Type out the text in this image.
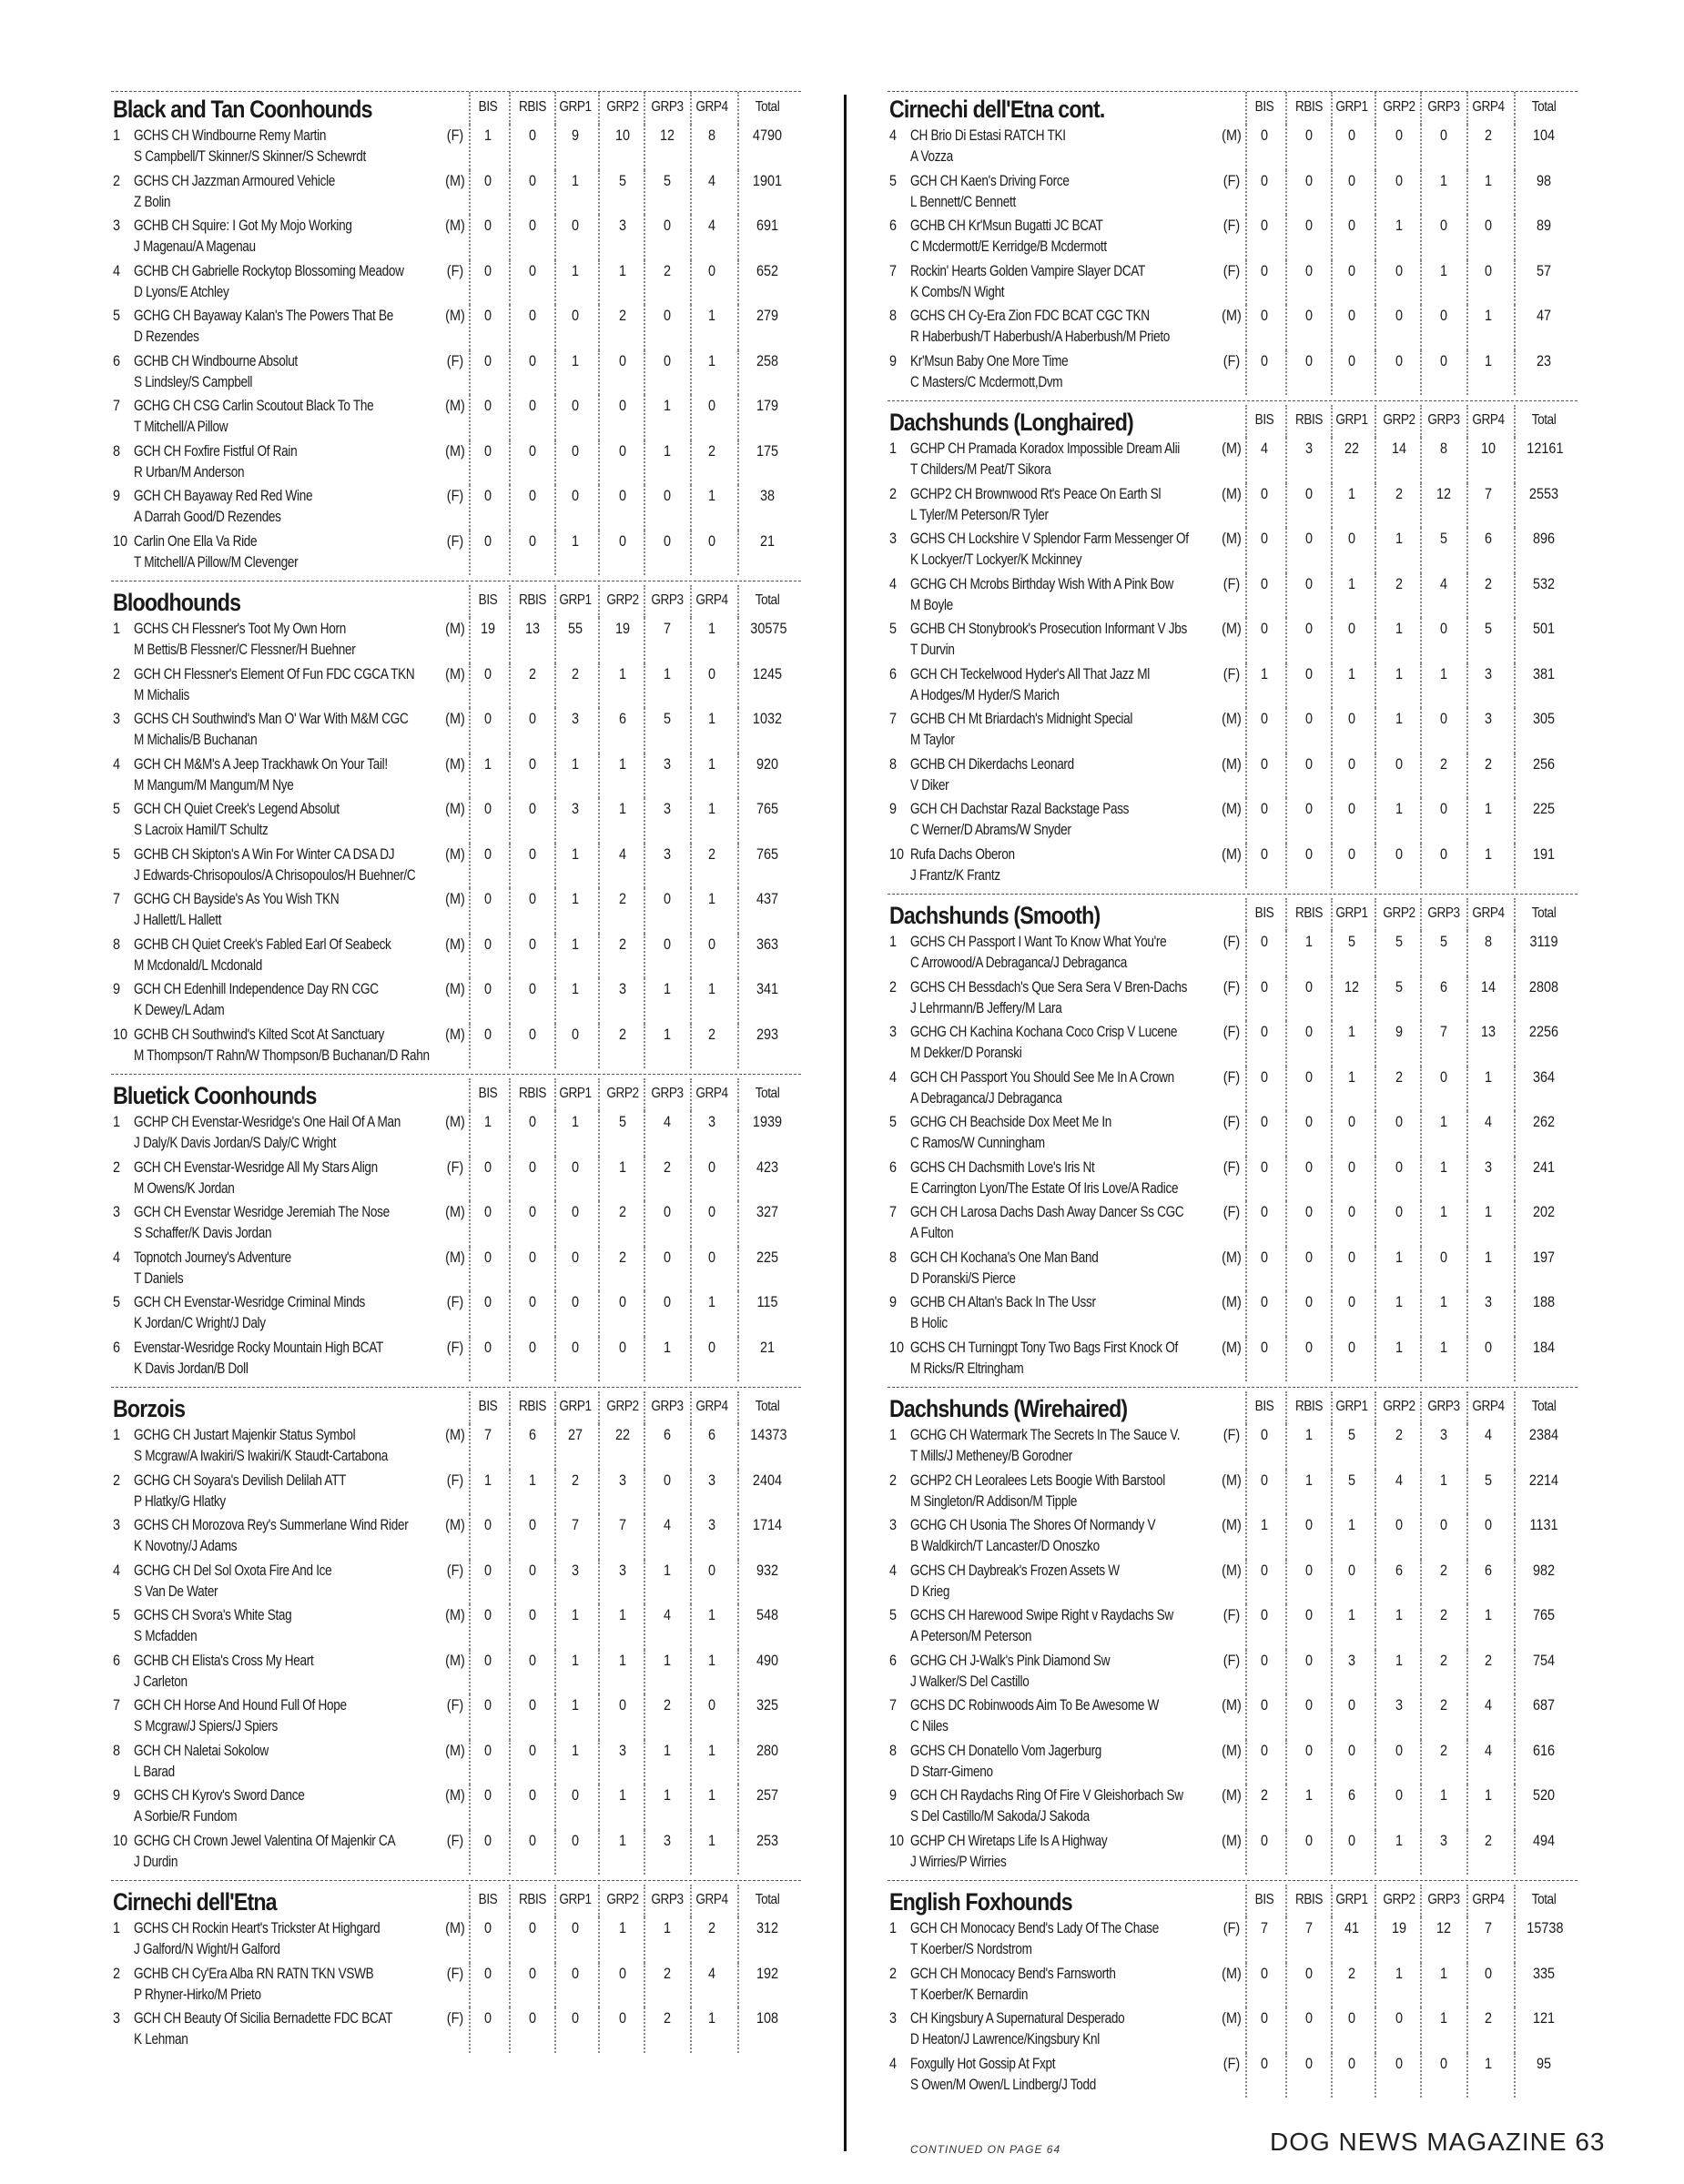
Black and Tan Coonhounds	BIS	RBIS GRP1 GRP2 GRP3 GRP4	Total
1 GCHS CH Windbourne Remy Martin
S Campbell/T Skinner/S Skinner/S Schewrdt
(F)	1	0	9	10	12	8	4790
2 GCHS CH Jazzman Armoured Vehicle
Z Bolin
(M)	0	0	1	5	5	4	1901
3 GCHB CH Squire: I Got My Mojo Working
J Magenau/A Magenau
(M)	0	0	0	3	0	4	691
4 GCHB CH Gabrielle Rockytop Blossoming Meadow
D Lyons/E Atchley
(F)	0	0	1	1	2	0	652
5 GCHG CH Bayaway Kalan's The Powers That Be
D Rezendes
(M)	0	0	0	2	0	1	279
6 GCHB CH Windbourne Absolut
S Lindsley/S Campbell
(F)	0	0	1	0	0	1	258
7 GCHG CH CSG Carlin Scoutout Black To The
T Mitchell/A Pillow
(M)	0	0	0	0	1	0	179
8 GCH CH Foxfire Fistful Of Rain
R Urban/M Anderson
(M)	0	0	0	0	1	2	175
9 GCH CH Bayaway Red Red Wine
A Darrah Good/D Rezendes
(F)	0	0	0	0	0	1	38
10 Carlin One Ella Va Ride
T Mitchell/A Pillow/M Clevenger
(F)	0	0	1	0	0	0	21
Bloodhounds	BIS	RBIS GRP1 GRP2 GRP3 GRP4	Total
1 GCHS CH Flessner's Toot My Own Horn
M Bettis/B Flessner/C Flessner/H Buehner
(M)	19	13	55	19	7	1	30575
2 GCH CH Flessner's Element Of Fun FDC CGCA TKN
M Michalis
(M)	0	2	2	1	1	0	1245
3 GCHS CH Southwind's Man O' War With M&M CGC
M Michalis/B Buchanan
(M)	0	0	3	6	5	1	1032
4 GCH CH M&M's A Jeep Trackhawk On Your Tail!
M Mangum/M Mangum/M Nye
(M)	1	0	1	1	3	1	920
5 GCH CH Quiet Creek's Legend Absolut
S Lacroix Hamil/T Schultz
(M)	0	0	3	1	3	1	765
5 GCHB CH Skipton's A Win For Winter CA DSA DJ
J Edwards-Chrisopoulos/A Chrisopoulos/H Buehner/C
(M)	0	0	1	4	3	2	765
7 GCHG CH Bayside's As You Wish TKN
J Hallett/L Hallett
(M)	0	0	1	2	0	1	437
8 GCHB CH Quiet Creek's Fabled Earl Of Seabeck
M Mcdonald/L Mcdonald
(M)	0	0	1	2	0	0	363
9 GCH CH Edenhill Independence Day RN CGC
K Dewey/L Adam
(M)	0	0	1	3	1	1	341
10 GCHB CH Southwind's Kilted Scot At Sanctuary
M Thompson/T Rahn/W Thompson/B Buchanan/D Rahn
(M)	0	0	0	2	1	2	293
Bluetick Coonhounds	BIS	RBIS GRP1 GRP2 GRP3 GRP4	Total
1 GCHP CH Evenstar-Wesridge's One Hail Of A Man
J Daly/K Davis Jordan/S Daly/C Wright
(M)	1	0	1	5	4	3	1939
2 GCH CH Evenstar-Wesridge All My Stars Align
M Owens/K Jordan
(F)	0	0	0	1	2	0	423
3 GCH CH Evenstar Wesridge Jeremiah The Nose
S Schaffer/K Davis Jordan
(M)	0	0	0	2	0	0	327
4 Topnotch Journey's Adventure
T Daniels
(M)	0	0	0	2	0	0	225
5 GCH CH Evenstar-Wesridge Criminal Minds
K Jordan/C Wright/J Daly
(F)	0	0	0	0	0	1	115
6 Evenstar-Wesridge Rocky Mountain High BCAT
K Davis Jordan/B Doll
(F)	0	0	0	0	1	0	21
Borzois	BIS	RBIS GRP1 GRP2 GRP3 GRP4	Total
1 GCHG CH Justart Majenkir Status Symbol
S Mcgraw/A Iwakiri/S Iwakiri/K Staudt-Cartabona
(M)	7	6	27	22	6	6	14373
2 GCHG CH Soyara's Devilish Delilah ATT
P Hlatky/G Hlatky
(F)	1	1	2	3	0	3	2404
3 GCHS CH Morozova Rey's Summerlane Wind Rider
K Novotny/J Adams
(M)	0	0	7	7	4	3	1714
4 GCHG CH Del Sol Oxota Fire And Ice
S Van De Water
(F)	0	0	3	3	1	0	932
5 GCHS CH Svora's White Stag
S Mcfadden
(M)	0	0	1	1	4	1	548
6 GCHB CH Elista's Cross My Heart
J Carleton
(M)	0	0	1	1	1	1	490
7 GCH CH Horse And Hound Full Of Hope
S Mcgraw/J Spiers/J Spiers
(F)	0	0	1	0	2	0	325
8 GCH CH Naletai Sokolow
L Barad
(M)	0	0	1	3	1	1	280
9 GCHS CH Kyrov's Sword Dance
A Sorbie/R Fundom
(M)	0	0	0	1	1	1	257
10 GCHG CH Crown Jewel Valentina Of Majenkir CA
J Durdin
(F)	0	0	0	1	3	1	253
Cirnechi dell'Etna	BIS	RBIS GRP1 GRP2 GRP3 GRP4	Total
1 GCHS CH Rockin Heart's Trickster At Highgard
J Galford/N Wight/H Galford
(M)	0	0	0	1	1	2	312
2 GCHB CH Cy'Era Alba RN RATN TKN VSWB
P Rhyner-Hirko/M Prieto
(F)	0	0	0	0	2	4	192
3 GCH CH Beauty Of Sicilia Bernadette FDC BCAT
K Lehman
(F)	0	0	0	0	2	1	108
Cirnechi dell'Etna cont.	BIS	RBIS GRP1 GRP2 GRP3 GRP4	Total
4 CH Brio Di Estasi RATCH TKI
A Vozza
(M)	0	0	0	0	0	2	104
5 GCH CH Kaen's Driving Force
L Bennett/C Bennett
(F)	0	0	0	0	1	1	98
6 GCHB CH Kr'Msun Bugatti JC BCAT
C Mcdermott/E Kerridge/B Mcdermott
(F)	0	0	0	1	0	0	89
7 Rockin' Hearts Golden Vampire Slayer DCAT
K Combs/N Wight
(F)	0	0	0	0	1	0	57
8 GCHS CH Cy-Era Zion FDC BCAT CGC TKN
R Haberbush/T Haberbush/A Haberbush/M Prieto
(M)	0	0	0	0	0	1	47
9 Kr'Msun Baby One More Time
C Masters/C Mcdermott,Dvm
(F)	0	0	0	0	0	1	23
Dachshunds (Longhaired)	BIS	RBIS GRP1 GRP2 GRP3 GRP4	Total
1 GCHP CH Pramada Koradox Impossible Dream Alii
T Childers/M Peat/T Sikora
(M)	4	3	22	14	8	10	12161
2 GCHP2 CH Brownwood Rt's Peace On Earth Sl
L Tyler/M Peterson/R Tyler
(M)	0	0	1	2	12	7	2553
3 GCHS CH Lockshire V Splendor Farm Messenger Of
K Lockyer/T Lockyer/K Mckinney
(M)	0	0	0	1	5	6	896
4 GCHG CH Mcrobs Birthday Wish With A Pink Bow
M Boyle
(F)	0	0	1	2	4	2	532
5 GCHB CH Stonybrook's Prosecution Informant V Jbs
T Durvin
(M)	0	0	0	1	0	5	501
6 GCH CH Teckelwood Hyder's All That Jazz Ml
A Hodges/M Hyder/S Marich
(F)	1	0	1	1	1	3	381
7 GCHB CH Mt Briardach's Midnight Special
M Taylor
(M)	0	0	0	1	0	3	305
8 GCHB CH Dikerdachs Leonard
V Diker
(M)	0	0	0	0	2	2	256
9 GCH CH Dachstar Razal Backstage Pass
C Werner/D Abrams/W Snyder
(M)	0	0	0	1	0	1	225
10 Rufa Dachs Oberon
J Frantz/K Frantz
(M)	0	0	0	0	0	1	191
Dachshunds (Smooth)	BIS	RBIS GRP1 GRP2 GRP3 GRP4	Total
1 GCHS CH Passport I Want To Know What You're
C Arrowood/A Debraganca/J Debraganca
(F)	0	1	5	5	5	8	3119
2 GCHS CH Bessdach's Que Sera Sera V Bren-Dachs
J Lehrmann/B Jeffery/M Lara
(F)	0	0	12	5	6	14	2808
3 GCHG CH Kachina Kochana Coco Crisp V Lucene
M Dekker/D Poranski
(F)	0	0	1	9	7	13	2256
4 GCH CH Passport You Should See Me In A Crown
A Debraganca/J Debraganca
(F)	0	0	1	2	0	1	364
5 GCHG CH Beachside Dox Meet Me In
C Ramos/W Cunningham
(F)	0	0	0	0	1	4	262
6 GCHS CH Dachsmith Love's Iris Nt
E Carrington Lyon/The Estate Of Iris Love/A Radice
(F)	0	0	0	0	1	3	241
7 GCH CH Larosa Dachs Dash Away Dancer Ss CGC
A Fulton
(F)	0	0	0	0	1	1	202
8 GCH CH Kochana's One Man Band
D Poranski/S Pierce
(M)	0	0	0	1	0	1	197
9 GCHB CH Altan's Back In The Ussr
B Holic
(M)	0	0	0	1	1	3	188
10 GCHS CH Turningpt Tony Two Bags First Knock Of
M Ricks/R Eltringham
(M)	0	0	0	1	1	0	184
Dachshunds (Wirehaired)	BIS	RBIS GRP1 GRP2 GRP3 GRP4	Total
1 GCHG CH Watermark The Secrets In The Sauce V.
T Mills/J Metheney/B Gorodner
(F)	0	1	5	2	3	4	2384
2 GCHP2 CH Leoralees Lets Boogie With Barstool
M Singleton/R Addison/M Tipple
(M)	0	1	5	4	1	5	2214
3 GCHG CH Usonia The Shores Of Normandy V
B Waldkirch/T Lancaster/D Onoszko
(M)	1	0	1	0	0	0	1131
4 GCHS CH Daybreak's Frozen Assets W
D Krieg
(M)	0	0	0	6	2	6	982
5 GCHS CH Harewood Swipe Right v Raydachs Sw
A Peterson/M Peterson
(F)	0	0	1	1	2	1	765
6 GCHG CH J-Walk's Pink Diamond Sw
J Walker/S Del Castillo
(F)	0	0	3	1	2	2	754
7 GCHS DC Robinwoods Aim To Be Awesome W
C Niles
(M)	0	0	0	3	2	4	687
8 GCHS CH Donatello Vom Jagerburg
D Starr-Gimeno
(M)	0	0	0	0	2	4	616
9 GCH CH Raydachs Ring Of Fire V Gleishorbach Sw
S Del Castillo/M Sakoda/J Sakoda
(M)	2	1	6	0	1	1	520
10 GCHP CH Wiretaps Life Is A Highway
J Wirries/P Wirries
(M)	0	0	0	1	3	2	494
English Foxhounds	BIS	RBIS GRP1 GRP2 GRP3 GRP4	Total
1 GCH CH Monocacy Bend's Lady Of The Chase
T Koerber/S Nordstrom
(F)	7	7	41	19	12	7	15738
2 GCH CH Monocacy Bend's Farnsworth
T Koerber/K Bernardin
(M)	0	0	2	1	1	0	335
3 CH Kingsbury A Supernatural Desperado
D Heaton/J Lawrence/Kingsbury Knl
(M)	0	0	0	0	1	2	121
4 Foxgully Hot Gossip At Fxpt
S Owen/M Owen/L Lindberg/J Todd
(F)	0	0	0	0	0	1	95
CONTINUED ON PAGE 64	DOG NEWS MAGAZINE 63
